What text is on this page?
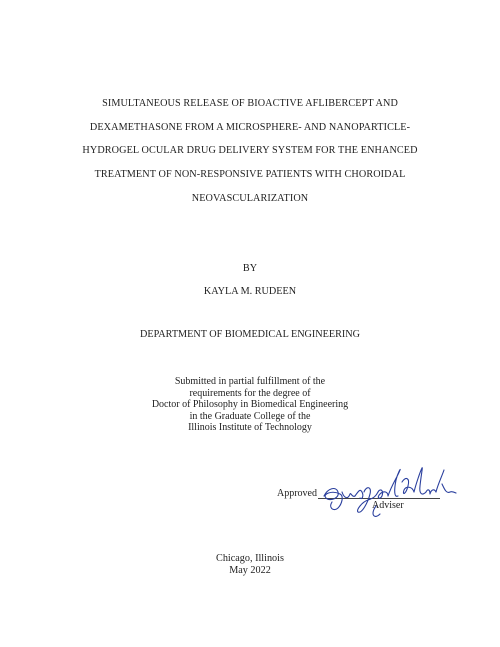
SIMULTANEOUS RELEASE OF BIOACTIVE AFLIBERCEPT AND
DEXAMETHASONE FROM A MICROSPHERE- AND NANOPARTICLE-
HYDROGEL OCULAR DRUG DELIVERY SYSTEM FOR THE ENHANCED
TREATMENT OF NON-RESPONSIVE PATIENTS WITH CHOROIDAL
NEOVASCULARIZATION
BY
KAYLA M. RUDEEN
DEPARTMENT OF BIOMEDICAL ENGINEERING
Submitted in partial fulfillment of the
requirements for the degree of
Doctor of Philosophy in Biomedical Engineering
in the Graduate College of the
Illinois Institute of Technology
Approved
Adviser
Chicago, Illinois
May 2022
